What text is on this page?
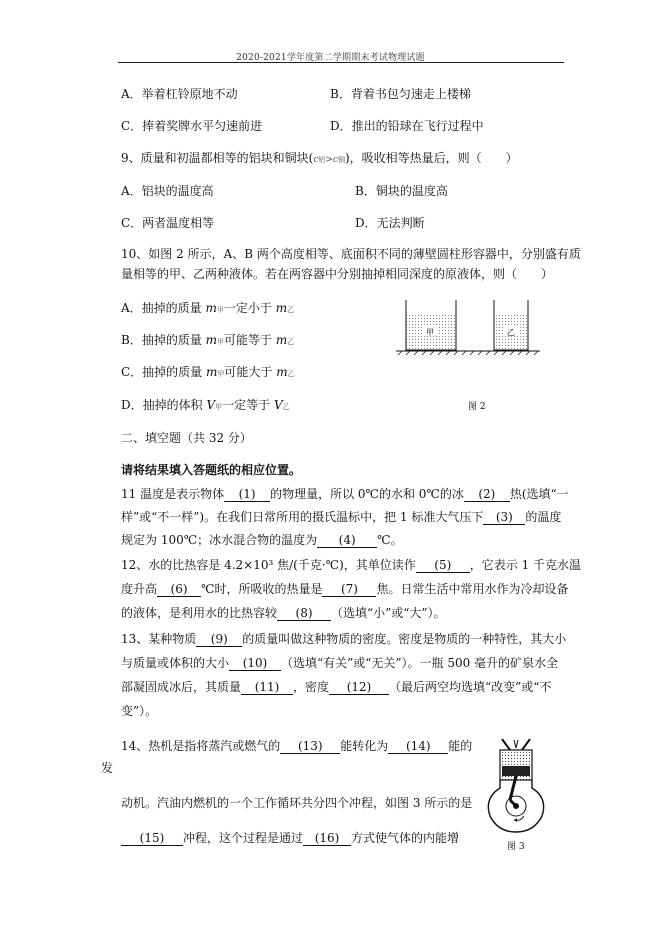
2020-2021学年度第二学期期末考试物理试题
A．举着杠铃原地不动	B．背着书包匀速走上楼梯
C．捧着奖牌水平匀速前进	D．推出的铅球在飞行过程中
9、质量和初温都相等的铝块和铜块(c铝>c铜)，吸收相等热量后，则（　　）
A．铝块的温度高	B．铜块的温度高
C．两者温度相等	D．无法判断
10、如图 2 所示，A、B 两个高度相等、底面积不同的薄壁圆柱形容器中，分别盛有质
量相等的甲、乙两种液体。若在两容器中分别抽掉相同深度的原液体，则（　　）
A．抽掉的质量 m甲一定小于 m乙
B．抽掉的质量 m甲可能等于 m乙
C．抽掉的质量 m甲可能大于 m乙
D．抽掉的体积 V甲一定等于 V乙
甲	乙
图 2
二、填空题（共 32 分）
请将结果填入答题纸的相应位置。
11 温度是表示物体 (1) 的物理量，所以 0℃的水和 0℃的冰 (2) 热(选填“一
样”或“不一样”)。在我们日常所用的摄氏温标中，把 1 标准大气压下 (3) 的温度
规定为 100℃；冰水混合物的温度为 (4) ℃。
12、水的比热容是 4.2×10³ 焦/(千克·℃)，其单位读作 (5) ，它表示 1 千克水温
度升高 (6) ℃时，所吸收的热量是 (7) 焦。日常生活中常用水作为冷却设备
的液体，是利用水的比热容较 (8) （选填“小”或“大”）。
13、某种物质 (9) 的质量叫做这种物质的密度。密度是物质的一种特性，其大小
与质量或体积的大小 (10) （选填“有关”或“无关”）。一瓶 500 毫升的矿泉水全
部凝固成冰后，其质量 (11) ，密度 (12) （最后两空均选填“改变”或“不
变”）。
14、热机是指将蒸汽或燃气的 (13) 能转化为 (14) 能的
发
动机。汽油内燃机的一个工作循环共分四个冲程，如图 3 所示的是
(15) 冲程，这个过程是通过 (16) 方式使气体的内能增
图 3
